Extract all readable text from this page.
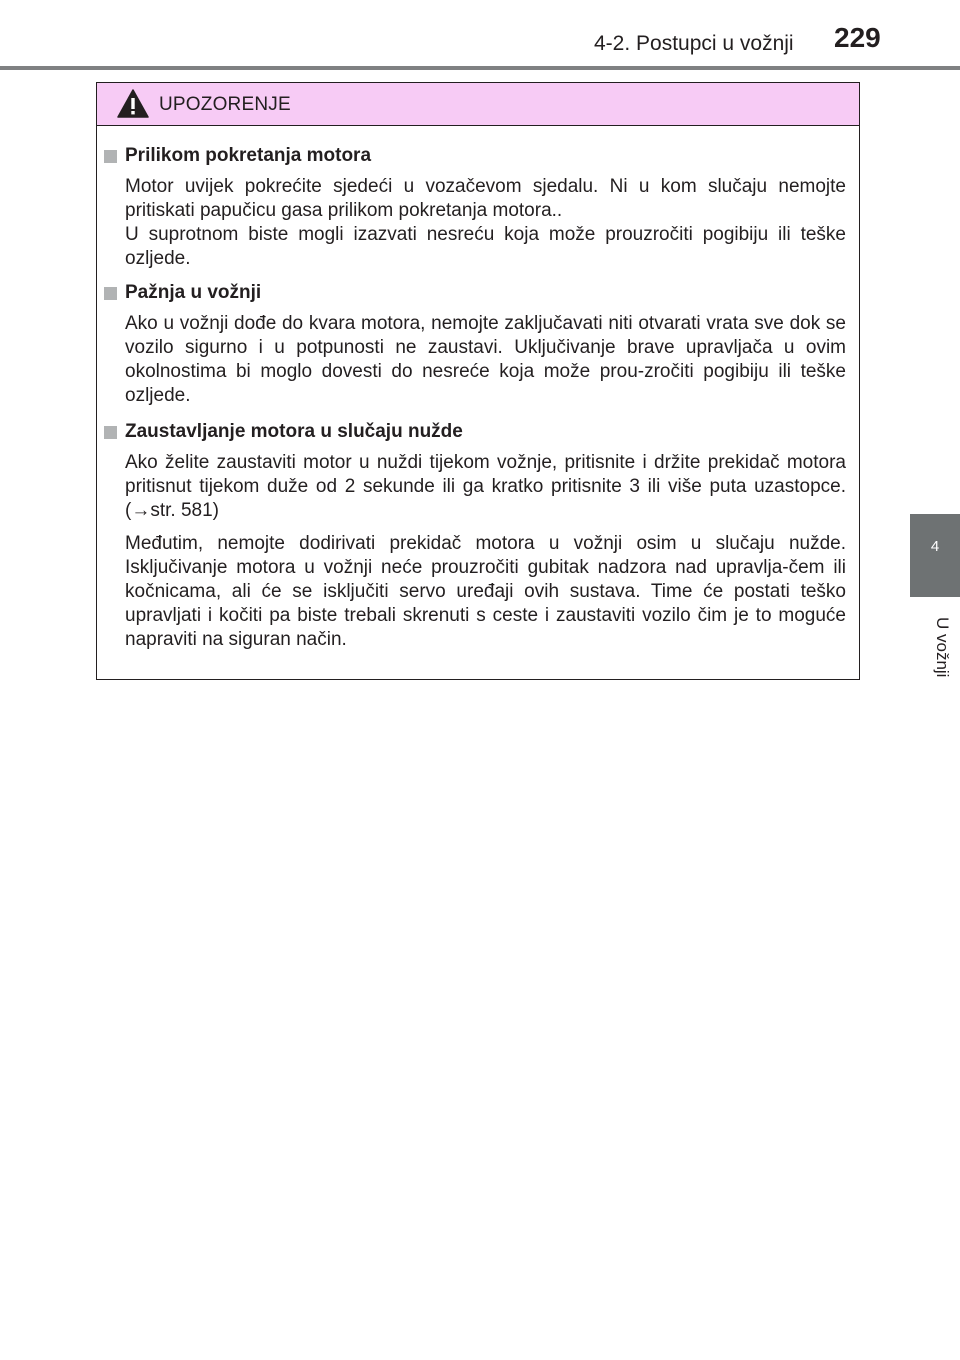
4-2. Postupci u vožnji 229
4
U vožnji
UPOZORENJE
Prilikom pokretanja motora

Motor uvijek pokrećite sjedeći u vozačevom sjedalu. Ni u kom slučaju nemojte pritiskati papučicu gasa prilikom pokretanja motora..

U suprotnom biste mogli izazvati nesreću koja može prouzročiti pogibiju ili teške ozljede.

Pažnja u vožnji

Ako u vožnji dođe do kvara motora, nemojte zaključavati niti otvarati vrata sve dok se vozilo sigurno i u potpunosti ne zaustavi. Uključivanje brave upravljača u ovim okolnostima bi moglo dovesti do nesreće koja može prou-zročiti pogibiju ili teške ozljede.

Zaustavljanje motora u slučaju nužde

Ako želite zaustaviti motor u nuždi tijekom vožnje, pritisnite i držite prekidač motora pritisnut tijekom duže od 2 sekunde ili ga kratko pritisnite 3 ili više puta uzastopce. (→str. 581)

Međutim, nemojte dodirivati prekidač motora u vožnji osim u slučaju nužde. Isključivanje motora u vožnji neće prouzročiti gubitak nadzora nad upravlja-čem ili kočnicama, ali će se isključiti servo uređaji ovih sustava. Time će postati teško upravljati i kočiti pa biste trebali skrenuti s ceste i zaustaviti vozilo čim je to moguće napraviti na siguran način.
